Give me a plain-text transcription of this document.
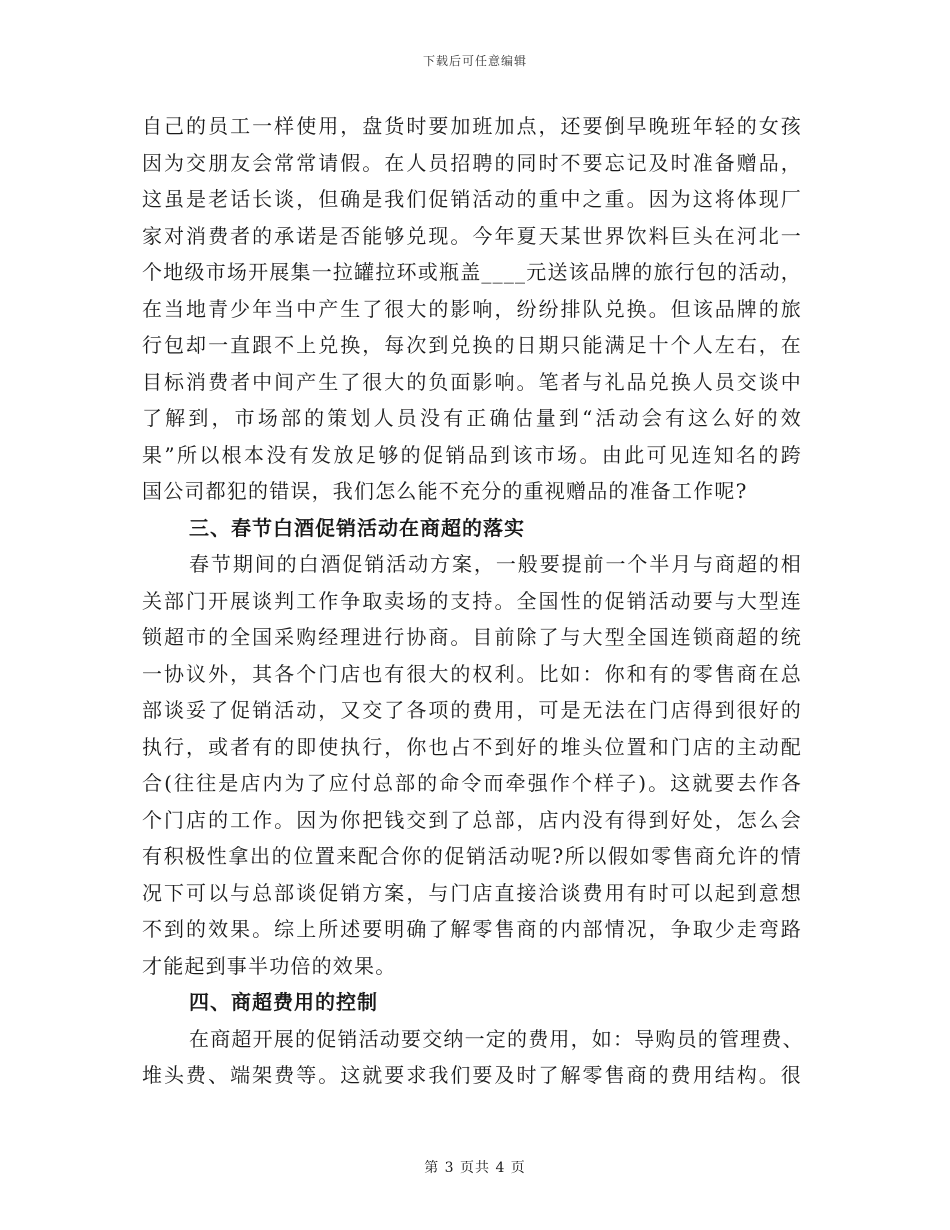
下载后可任意编辑
自己的员工一样使用，盘货时要加班加点，还要倒早晚班年轻的女孩
因为交朋友会常常请假。在人员招聘的同时不要忘记及时准备赠品，
这虽是老话长谈，但确是我们促销活动的重中之重。因为这将体现厂
家对消费者的承诺是否能够兑现。今年夏天某世界饮料巨头在河北一
个地级市场开展集一拉罐拉环或瓶盖____元送该品牌的旅行包的活动，
在当地青少年当中产生了很大的影响，纷纷排队兑换。但该品牌的旅
行包却一直跟不上兑换，每次到兑换的日期只能满足十个人左右，在
目标消费者中间产生了很大的负面影响。笔者与礼品兑换人员交谈中
了解到，市场部的策划人员没有正确估量到“活动会有这么好的效
果”所以根本没有发放足够的促销品到该市场。由此可见连知名的跨
国公司都犯的错误，我们怎么能不充分的重视赠品的准备工作呢?
三、春节白酒促销活动在商超的落实
春节期间的白酒促销活动方案，一般要提前一个半月与商超的相
关部门开展谈判工作争取卖场的支持。全国性的促销活动要与大型连
锁超市的全国采购经理进行协商。目前除了与大型全国连锁商超的统
一协议外，其各个门店也有很大的权利。比如：你和有的零售商在总
部谈妥了促销活动，又交了各项的费用，可是无法在门店得到很好的
执行，或者有的即使执行，你也占不到好的堆头位置和门店的主动配
合(往往是店内为了应付总部的命令而牵强作个样子)。这就要去作各
个门店的工作。因为你把钱交到了总部，店内没有得到好处，怎么会
有积极性拿出的位置来配合你的促销活动呢?所以假如零售商允许的情
况下可以与总部谈促销方案，与门店直接洽谈费用有时可以起到意想
不到的效果。综上所述要明确了解零售商的内部情况，争取少走弯路
才能起到事半功倍的效果。
四、商超费用的控制
在商超开展的促销活动要交纳一定的费用，如：导购员的管理费、
堆头费、端架费等。这就要求我们要及时了解零售商的费用结构。很
第 3 页共 4 页
